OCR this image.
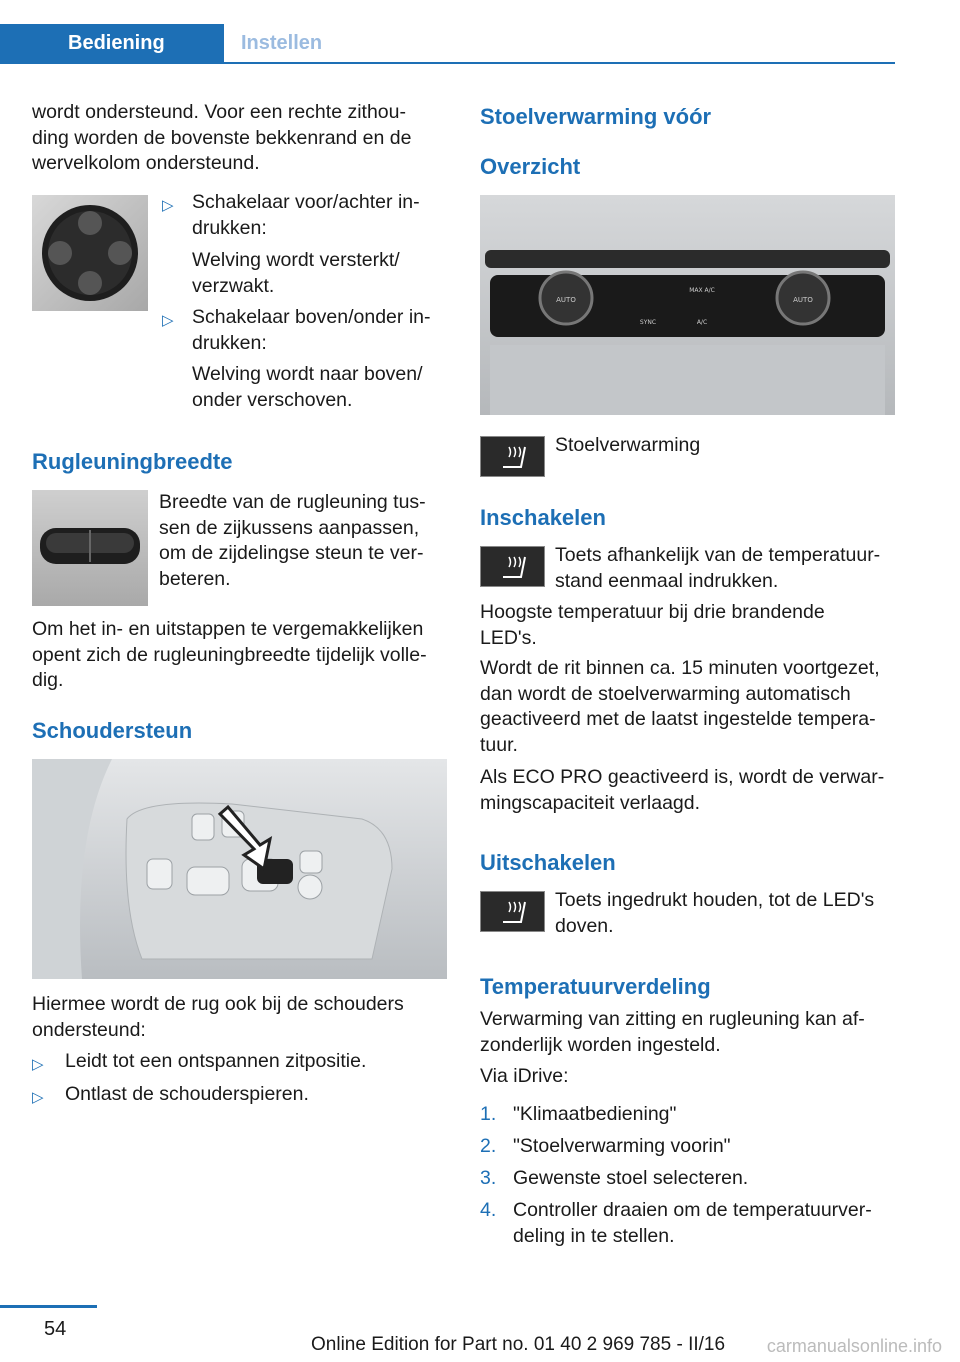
Bediening	Instellen
wordt ondersteund. Voor een rechte zithou-
ding worden de bovenste bekkenrand en de
wervelkolom ondersteund.
▷ Schakelaar voor/achter in-
drukken:
Welving wordt versterkt/
verzwakt.
▷ Schakelaar boven/onder in-
drukken:
Welving wordt naar boven/
onder verschoven.
Rugleuningbreedte
Breedte van de rugleuning tus-
sen de zijkussens aanpassen,
om de zijdelingse steun te ver-
beteren.
Om het in- en uitstappen te vergemakkelijken
opent zich de rugleuningbreedte tijdelijk volle-
dig.
Schoudersteun
Hiermee wordt de rug ook bij de schouders
ondersteund:
▷ Leidt tot een ontspannen zitpositie.
▷ Ontlast de schouderspieren.
Stoelverwarming vóór
Overzicht
AUTO	AUTO
MAX A/C
SYNC	A/C
Stoelverwarming
Inschakelen
Toets afhankelijk van de temperatuur-
stand eenmaal indrukken.
Hoogste temperatuur bij drie brandende
LED's.
Wordt de rit binnen ca. 15 minuten voortgezet,
dan wordt de stoelverwarming automatisch
geactiveerd met de laatst ingestelde tempera-
tuur.
Als ECO PRO geactiveerd is, wordt de verwar-
mingscapaciteit verlaagd.
Uitschakelen
Toets ingedrukt houden, tot de LED's
doven.
Temperatuurverdeling
Verwarming van zitting en rugleuning kan af-
zonderlijk worden ingesteld.
Via iDrive:
1. "Klimaatbediening"
2. "Stoelverwarming voorin"
3. Gewenste stoel selecteren.
4. Controller draaien om de temperatuurver-
deling in te stellen.
54
Online Edition for Part no. 01 40 2 969 785 - II/16 carmanualsonline.info
